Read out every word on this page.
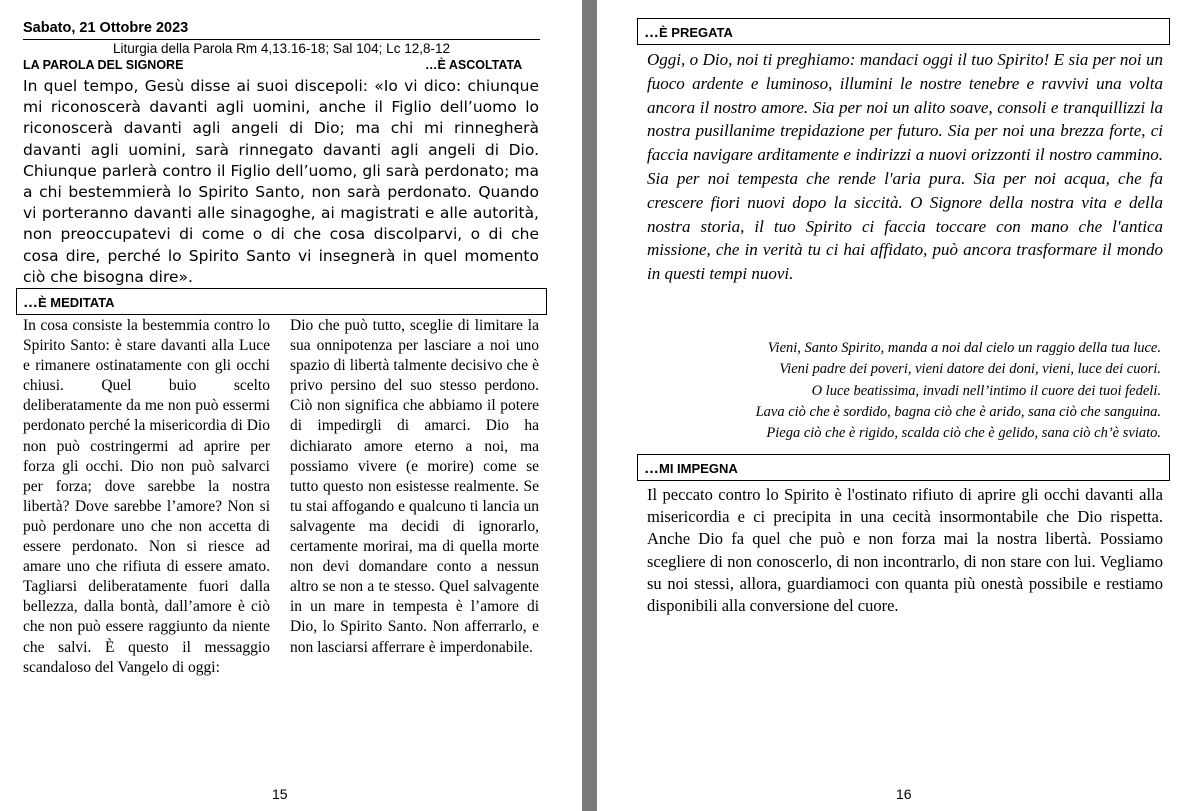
Sabato, 21 Ottobre 2023
Liturgia della Parola Rm 4,13.16-18; Sal 104; Lc 12,8-12
LA PAROLA DEL SIGNORE	…È ASCOLTATA

In quel tempo, Gesù disse ai suoi discepoli: «Io vi dico: chiunque mi riconoscerà davanti agli uomini, anche il Figlio dell’uomo lo riconoscerà davanti agli angeli di Dio; ma chi mi rinnegherà davanti agli uomini, sarà rinnegato davanti agli angeli di Dio. Chiunque parlerà contro il Figlio dell’uomo, gli sarà perdonato; ma a chi bestemmierà lo Spirito Santo, non sarà perdonato. Quando vi porteranno davanti alle sinagoghe, ai magistrati e alle autorità, non preoccupatevi di come o di che cosa discolparvi, o di che cosa dire, perché lo Spirito Santo vi insegnerà in quel momento ciò che bisogna dire».

…È MEDITATA

In cosa consiste la bestemmia contro lo Spirito Santo: è stare davanti alla Luce e rimanere ostinatamente con gli occhi chiusi. Quel buio scelto deliberatamente da me non può essermi perdonato perché la misericordia di Dio non può costringermi ad aprire per forza gli occhi. Dio non può salvarci per forza; dove sarebbe la nostra libertà? Dove sarebbe l’amore? Non si può perdonare uno che non accetta di essere perdonato. Non si riesce ad amare uno che rifiuta di essere amato. Tagliarsi deliberatamente fuori dalla bellezza, dalla bontà, dall’amore è ciò che non può essere raggiunto da niente che salvi. È questo il messaggio scandaloso del Vangelo di oggi:

Dio che può tutto, sceglie di limitare la sua onnipotenza per lasciare a noi uno spazio di libertà talmente decisivo che è privo persino del suo stesso perdono. Ciò non significa che abbiamo il potere di impedirgli di amarci. Dio ha dichiarato amore eterno a noi, ma possiamo vivere (e morire) come se tutto questo non esistesse realmente. Se tu stai affogando e qualcuno ti lancia un salvagente ma decidi di ignorarlo, certamente morirai, ma di quella morte non devi domandare conto a nessun altro se non a te stesso. Quel salvagente in un mare in tempesta è l’amore di Dio, lo Spirito Santo. Non afferrarlo, e non lasciarsi afferrare è imperdonabile.

15
…È PREGATA

Oggi, o Dio, noi ti preghiamo: mandaci oggi il tuo Spirito! E sia per noi un fuoco ardente e luminoso, illumini le nostre tenebre e ravvivi una volta ancora il nostro amore. Sia per noi un alito soave, consoli e tranquillizzi la nostra pusillanime trepidazione per futuro. Sia per noi una brezza forte, ci faccia navigare arditamente e indirizzi a nuovi orizzonti il nostro cammino. Sia per noi tempesta che rende l'aria pura. Sia per noi acqua, che fa crescere fiori nuovi dopo la siccità. O Signore della nostra vita e della nostra storia, il tuo Spirito ci faccia toccare con mano che l'antica missione, che in verità tu ci hai affidato, può ancora trasformare il mondo in questi tempi nuovi.

Vieni, Santo Spirito, manda a noi dal cielo un raggio della tua luce.
Vieni padre dei poveri, vieni datore dei doni, vieni, luce dei cuori.
O luce beatissima, invadi nell’intimo il cuore dei tuoi fedeli.
Lava ciò che è sordido, bagna ciò che è arido, sana ciò che sanguina.
Piega ciò che è rigido, scalda ciò che è gelido, sana ciò ch’è sviato.
…MI IMPEGNA

Il peccato contro lo Spirito è l'ostinato rifiuto di aprire gli occhi davanti alla misericordia e ci precipita in una cecità insormontabile che Dio rispetta. Anche Dio fa quel che può e non forza mai la nostra libertà. Possiamo scegliere di non conoscerlo, di non incontrarlo, di non stare con lui. Vegliamo su noi stessi, allora, guardiamoci con quanta più onestà possibile e restiamo disponibili alla conversione del cuore.

16
